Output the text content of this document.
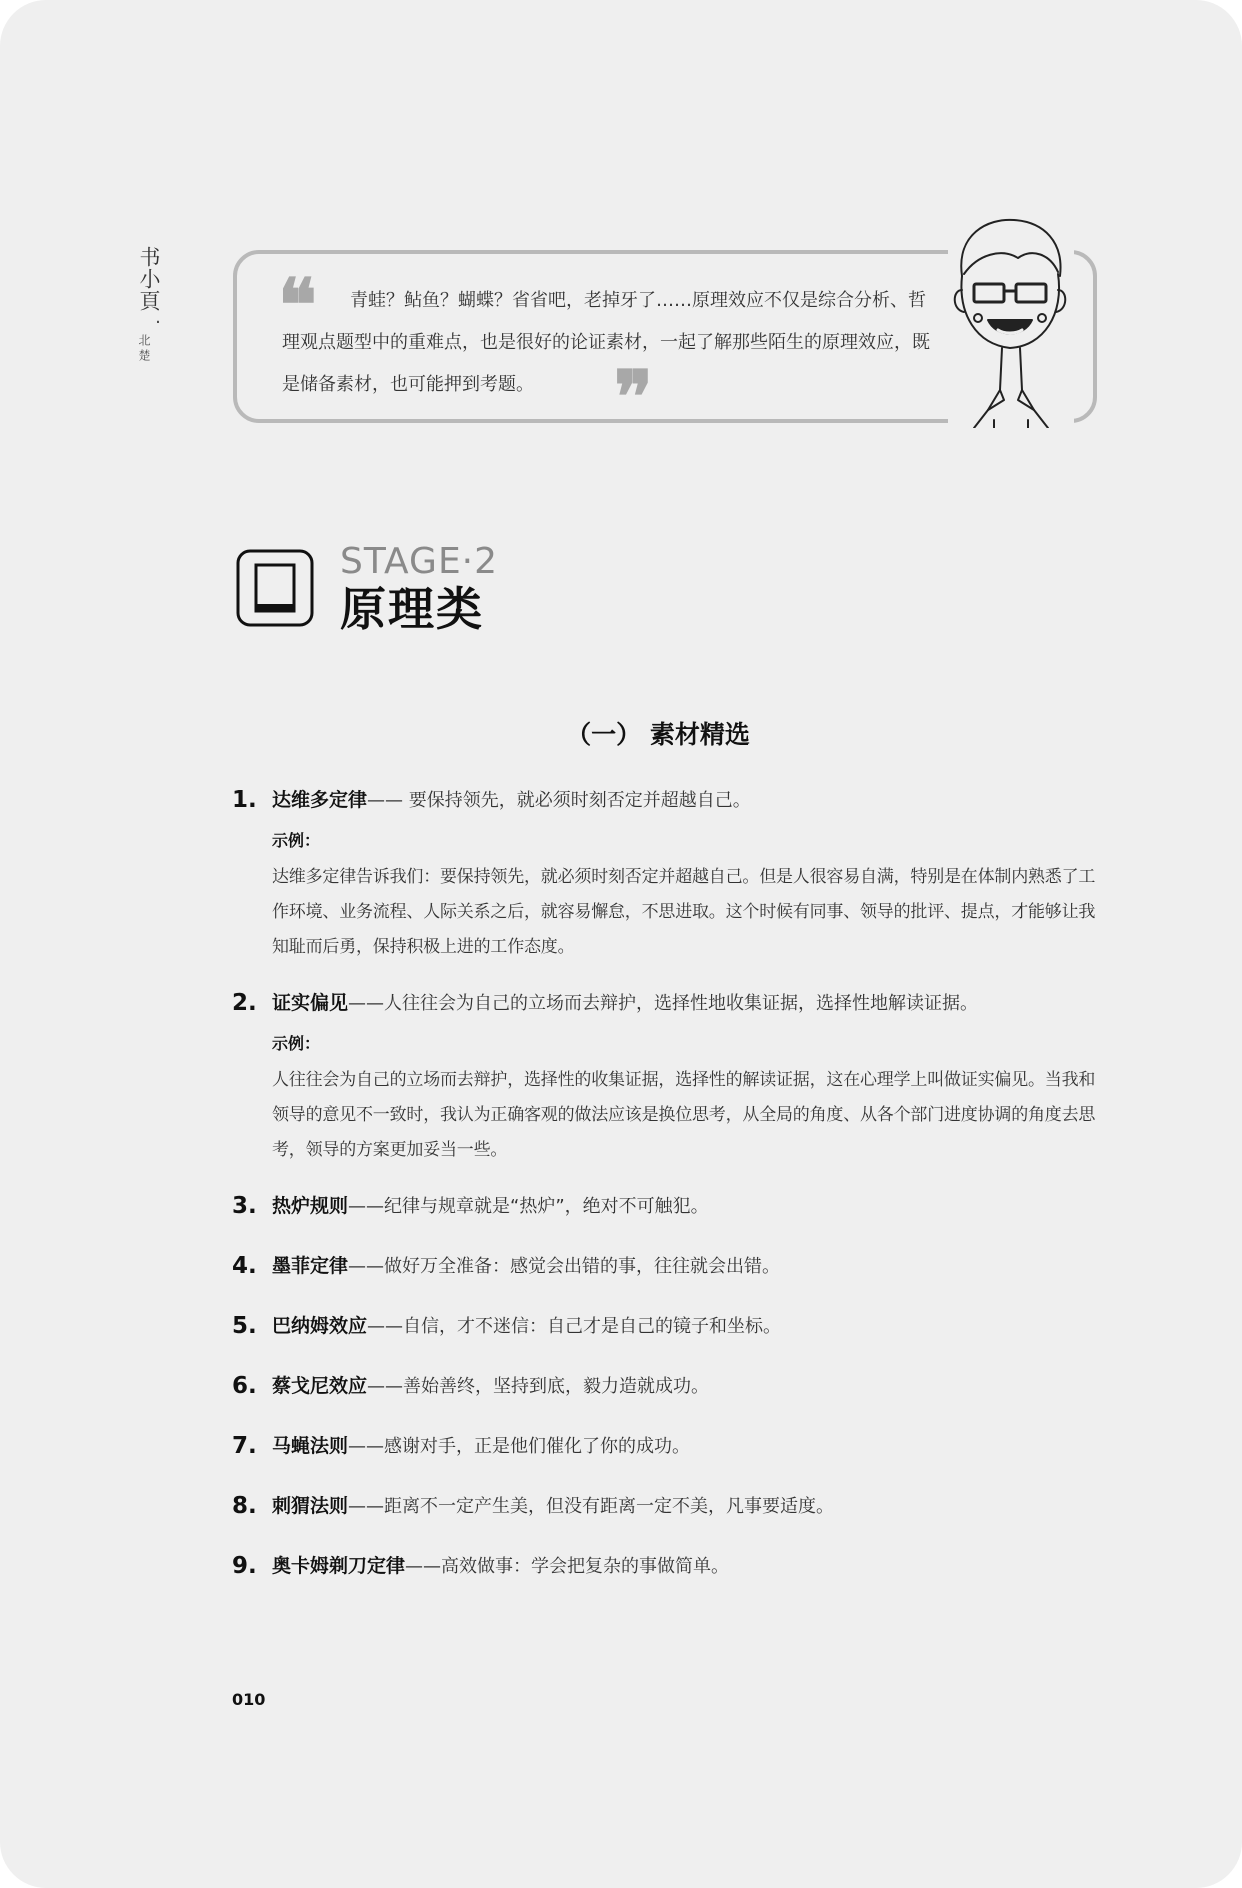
书小頁
·
北楚
❝	青蛙？鲇鱼？蝴蝶？省省吧，老掉牙了……原理效应不仅是综合分析、哲理观点题型中的重难点，也是很好的论证素材，一起了解那些陌生的原理效应，既是储备素材，也可能押到考题。	❞
STAGE·2
原理类
（一） 素材精选
1. 达维多定律—— 要保持领先，就必须时刻否定并超越自己。
示例：

达维多定律告诉我们：要保持领先，就必须时刻否定并超越自己。但是人很容易自满，特别是在体制内熟悉了工作环境、业务流程、人际关系之后，就容易懈怠，不思进取。这个时候有同事、领导的批评、提点，才能够让我知耻而后勇，保持积极上进的工作态度。

2. 证实偏见——人往往会为自己的立场而去辩护，选择性地收集证据，选择性地解读证据。
示例：

人往往会为自己的立场而去辩护，选择性的收集证据，选择性的解读证据，这在心理学上叫做证实偏见。当我和领导的意见不一致时，我认为正确客观的做法应该是换位思考，从全局的角度、从各个部门进度协调的角度去思考，领导的方案更加妥当一些。

3. 热炉规则——纪律与规章就是“热炉”，绝对不可触犯。
4. 墨菲定律——做好万全准备：感觉会出错的事，往往就会出错。
5. 巴纳姆效应——自信，才不迷信：自己才是自己的镜子和坐标。
6. 蔡戈尼效应——善始善终，坚持到底，毅力造就成功。
7. 马蝇法则——感谢对手，正是他们催化了你的成功。
8. 刺猬法则——距离不一定产生美，但没有距离一定不美，凡事要适度。
9. 奥卡姆剃刀定律——高效做事：学会把复杂的事做简单。
010
